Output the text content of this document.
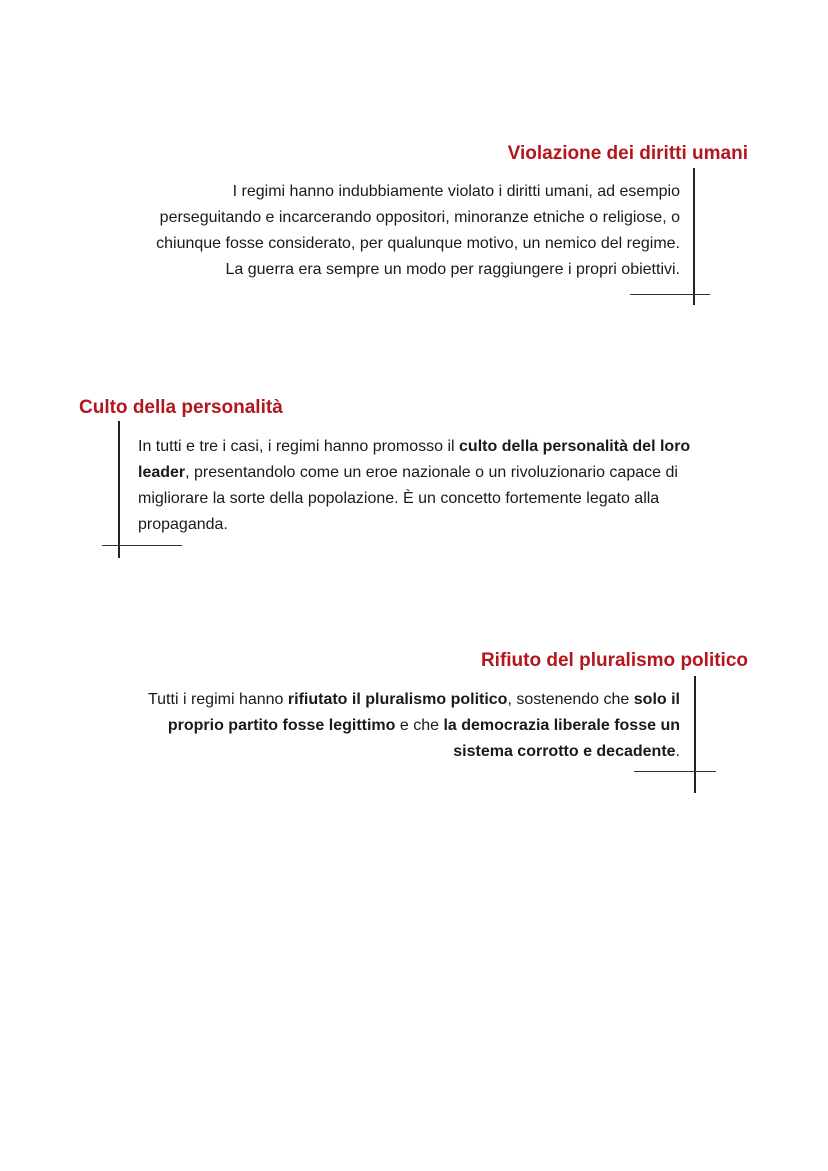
Violazione dei diritti umani
I regimi hanno indubbiamente violato i diritti umani, ad esempio
perseguitando e incarcerando oppositori, minoranze etniche o religiose, o
chiunque fosse considerato, per qualunque motivo, un nemico del regime.
La guerra era sempre un modo per raggiungere i propri obiettivi.
Culto della personalità
In tutti e tre i casi, i regimi hanno promosso il culto della personalità del loro
leader, presentandolo come un eroe nazionale o un rivoluzionario capace di
migliorare la sorte della popolazione. È un concetto fortemente legato alla
propaganda.
Rifiuto del pluralismo politico
Tutti i regimi hanno rifiutato il pluralismo politico, sostenendo che solo il
proprio partito fosse legittimo e che la democrazia liberale fosse un
sistema corrotto e decadente.
